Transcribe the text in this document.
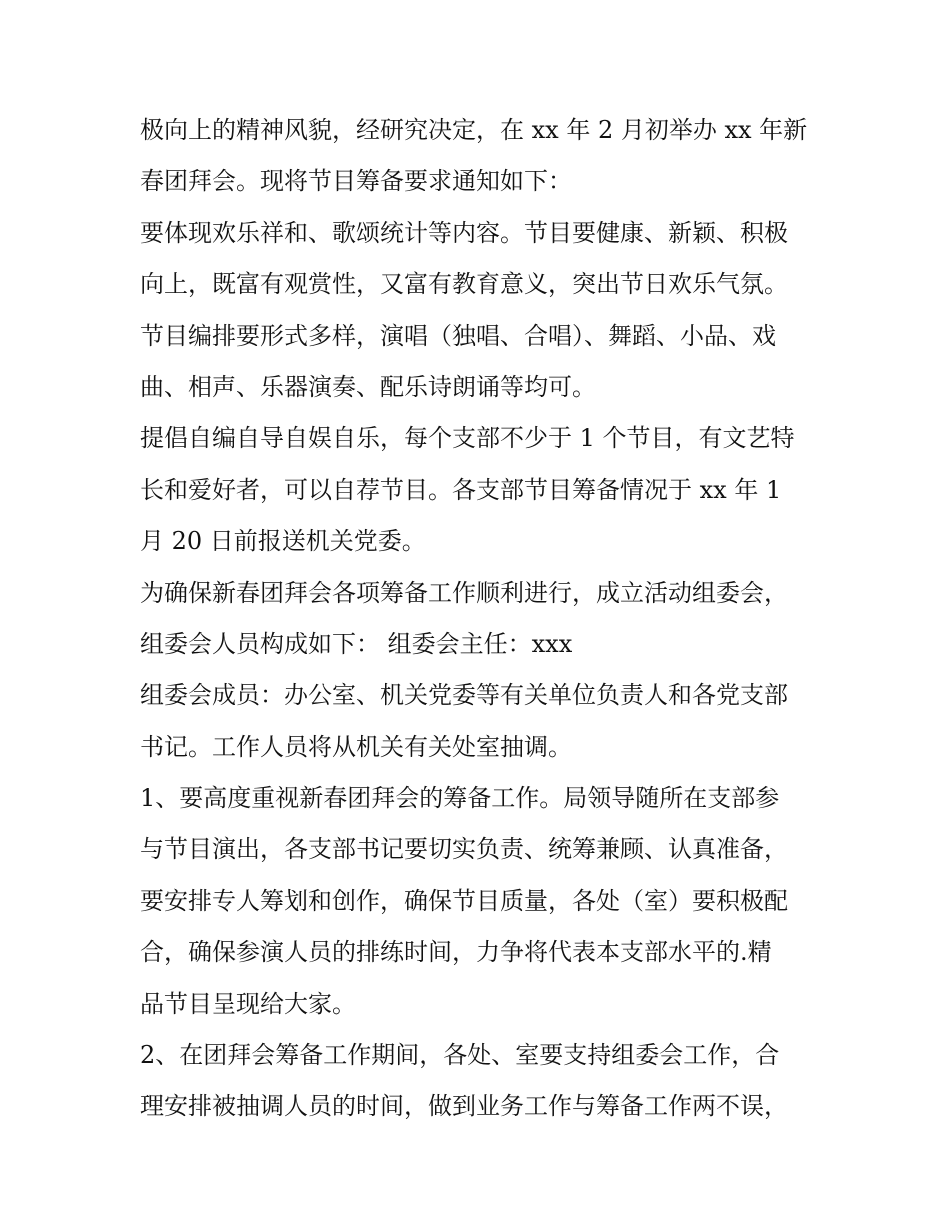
极向上的精神风貌，经研究决定，在 xx 年 2 月初举办 xx 年新
春团拜会。现将节目筹备要求通知如下：
要体现欢乐祥和、歌颂统计等内容。节目要健康、新颖、积极
向上，既富有观赏性，又富有教育意义，突出节日欢乐气氛。
节目编排要形式多样，演唱（独唱、合唱）、舞蹈、小品、戏
曲、相声、乐器演奏、配乐诗朗诵等均可。
提倡自编自导自娱自乐，每个支部不少于 1 个节目，有文艺特
长和爱好者，可以自荐节目。各支部节目筹备情况于 xx 年 1
月 20 日前报送机关党委。
为确保新春团拜会各项筹备工作顺利进行，成立活动组委会，
组委会人员构成如下： 组委会主任：xxx
组委会成员：办公室、机关党委等有关单位负责人和各党支部
书记。工作人员将从机关有关处室抽调。
1、要高度重视新春团拜会的筹备工作。局领导随所在支部参
与节目演出，各支部书记要切实负责、统筹兼顾、认真准备，
要安排专人筹划和创作，确保节目质量，各处（室）要积极配
合，确保参演人员的排练时间，力争将代表本支部水平的.精
品节目呈现给大家。
2、在团拜会筹备工作期间，各处、室要支持组委会工作，合
理安排被抽调人员的时间，做到业务工作与筹备工作两不误，
